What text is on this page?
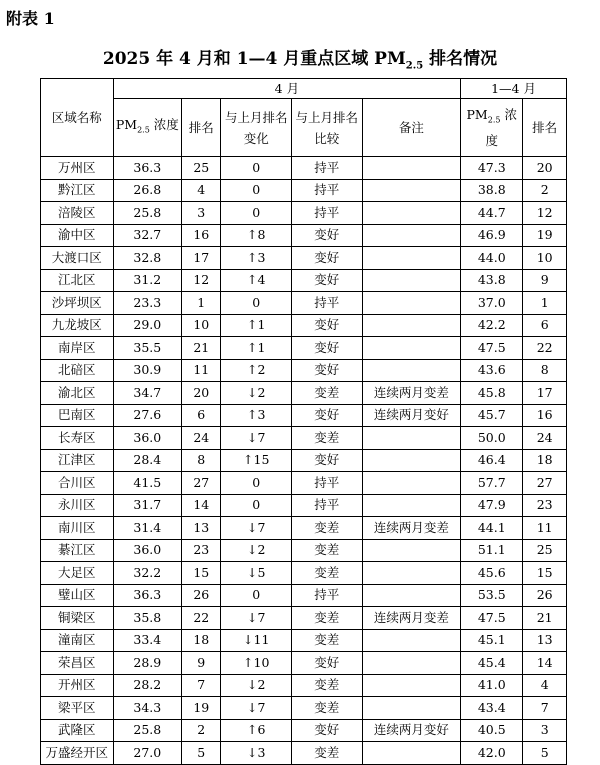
附表 1
2025 年 4 月和 1—4 月重点区域 $PM_{2.5}$ 排名情况
区域名称	4 月					1—4 月	
	$PM_{2.5}$ 浓度	排名	与上月排名变化	与上月排名比较	备注	$PM_{2.5}$ 浓度	排名
万州区	36.3	25	0	持平		47.3	20
黔江区	26.8	4	0	持平		38.8	2
涪陵区	25.8	3	0	持平		44.7	12
渝中区	32.7	16	↑8	变好		46.9	19
大渡口区	32.8	17	↑3	变好		44.0	10
江北区	31.2	12	↑4	变好		43.8	9
沙坪坝区	23.3	1	0	持平		37.0	1
九龙坡区	29.0	10	↑1	变好		42.2	6
南岸区	35.5	21	↑1	变好		47.5	22
北碚区	30.9	11	↑2	变好		43.6	8
渝北区	34.7	20	↓2	变差	连续两月变差	45.8	17
巴南区	27.6	6	↑3	变好	连续两月变好	45.7	16
长寿区	36.0	24	↓7	变差		50.0	24
江津区	28.4	8	↑15	变好		46.4	18
合川区	41.5	27	0	持平		57.7	27
永川区	31.7	14	0	持平		47.9	23
南川区	31.4	13	↓7	变差	连续两月变差	44.1	11
綦江区	36.0	23	↓2	变差		51.1	25
大足区	32.2	15	↓5	变差		45.6	15
璧山区	36.3	26	0	持平		53.5	26
铜梁区	35.8	22	↓7	变差	连续两月变差	47.5	21
潼南区	33.4	18	↓11	变差		45.1	13
荣昌区	28.9	9	↑10	变好		45.4	14
开州区	28.2	7	↓2	变差		41.0	4
梁平区	34.3	19	↓7	变差		43.4	7
武隆区	25.8	2	↑6	变好	连续两月变好	40.5	3
万盛经开区	27.0	5	↓3	变差		42.0	5
